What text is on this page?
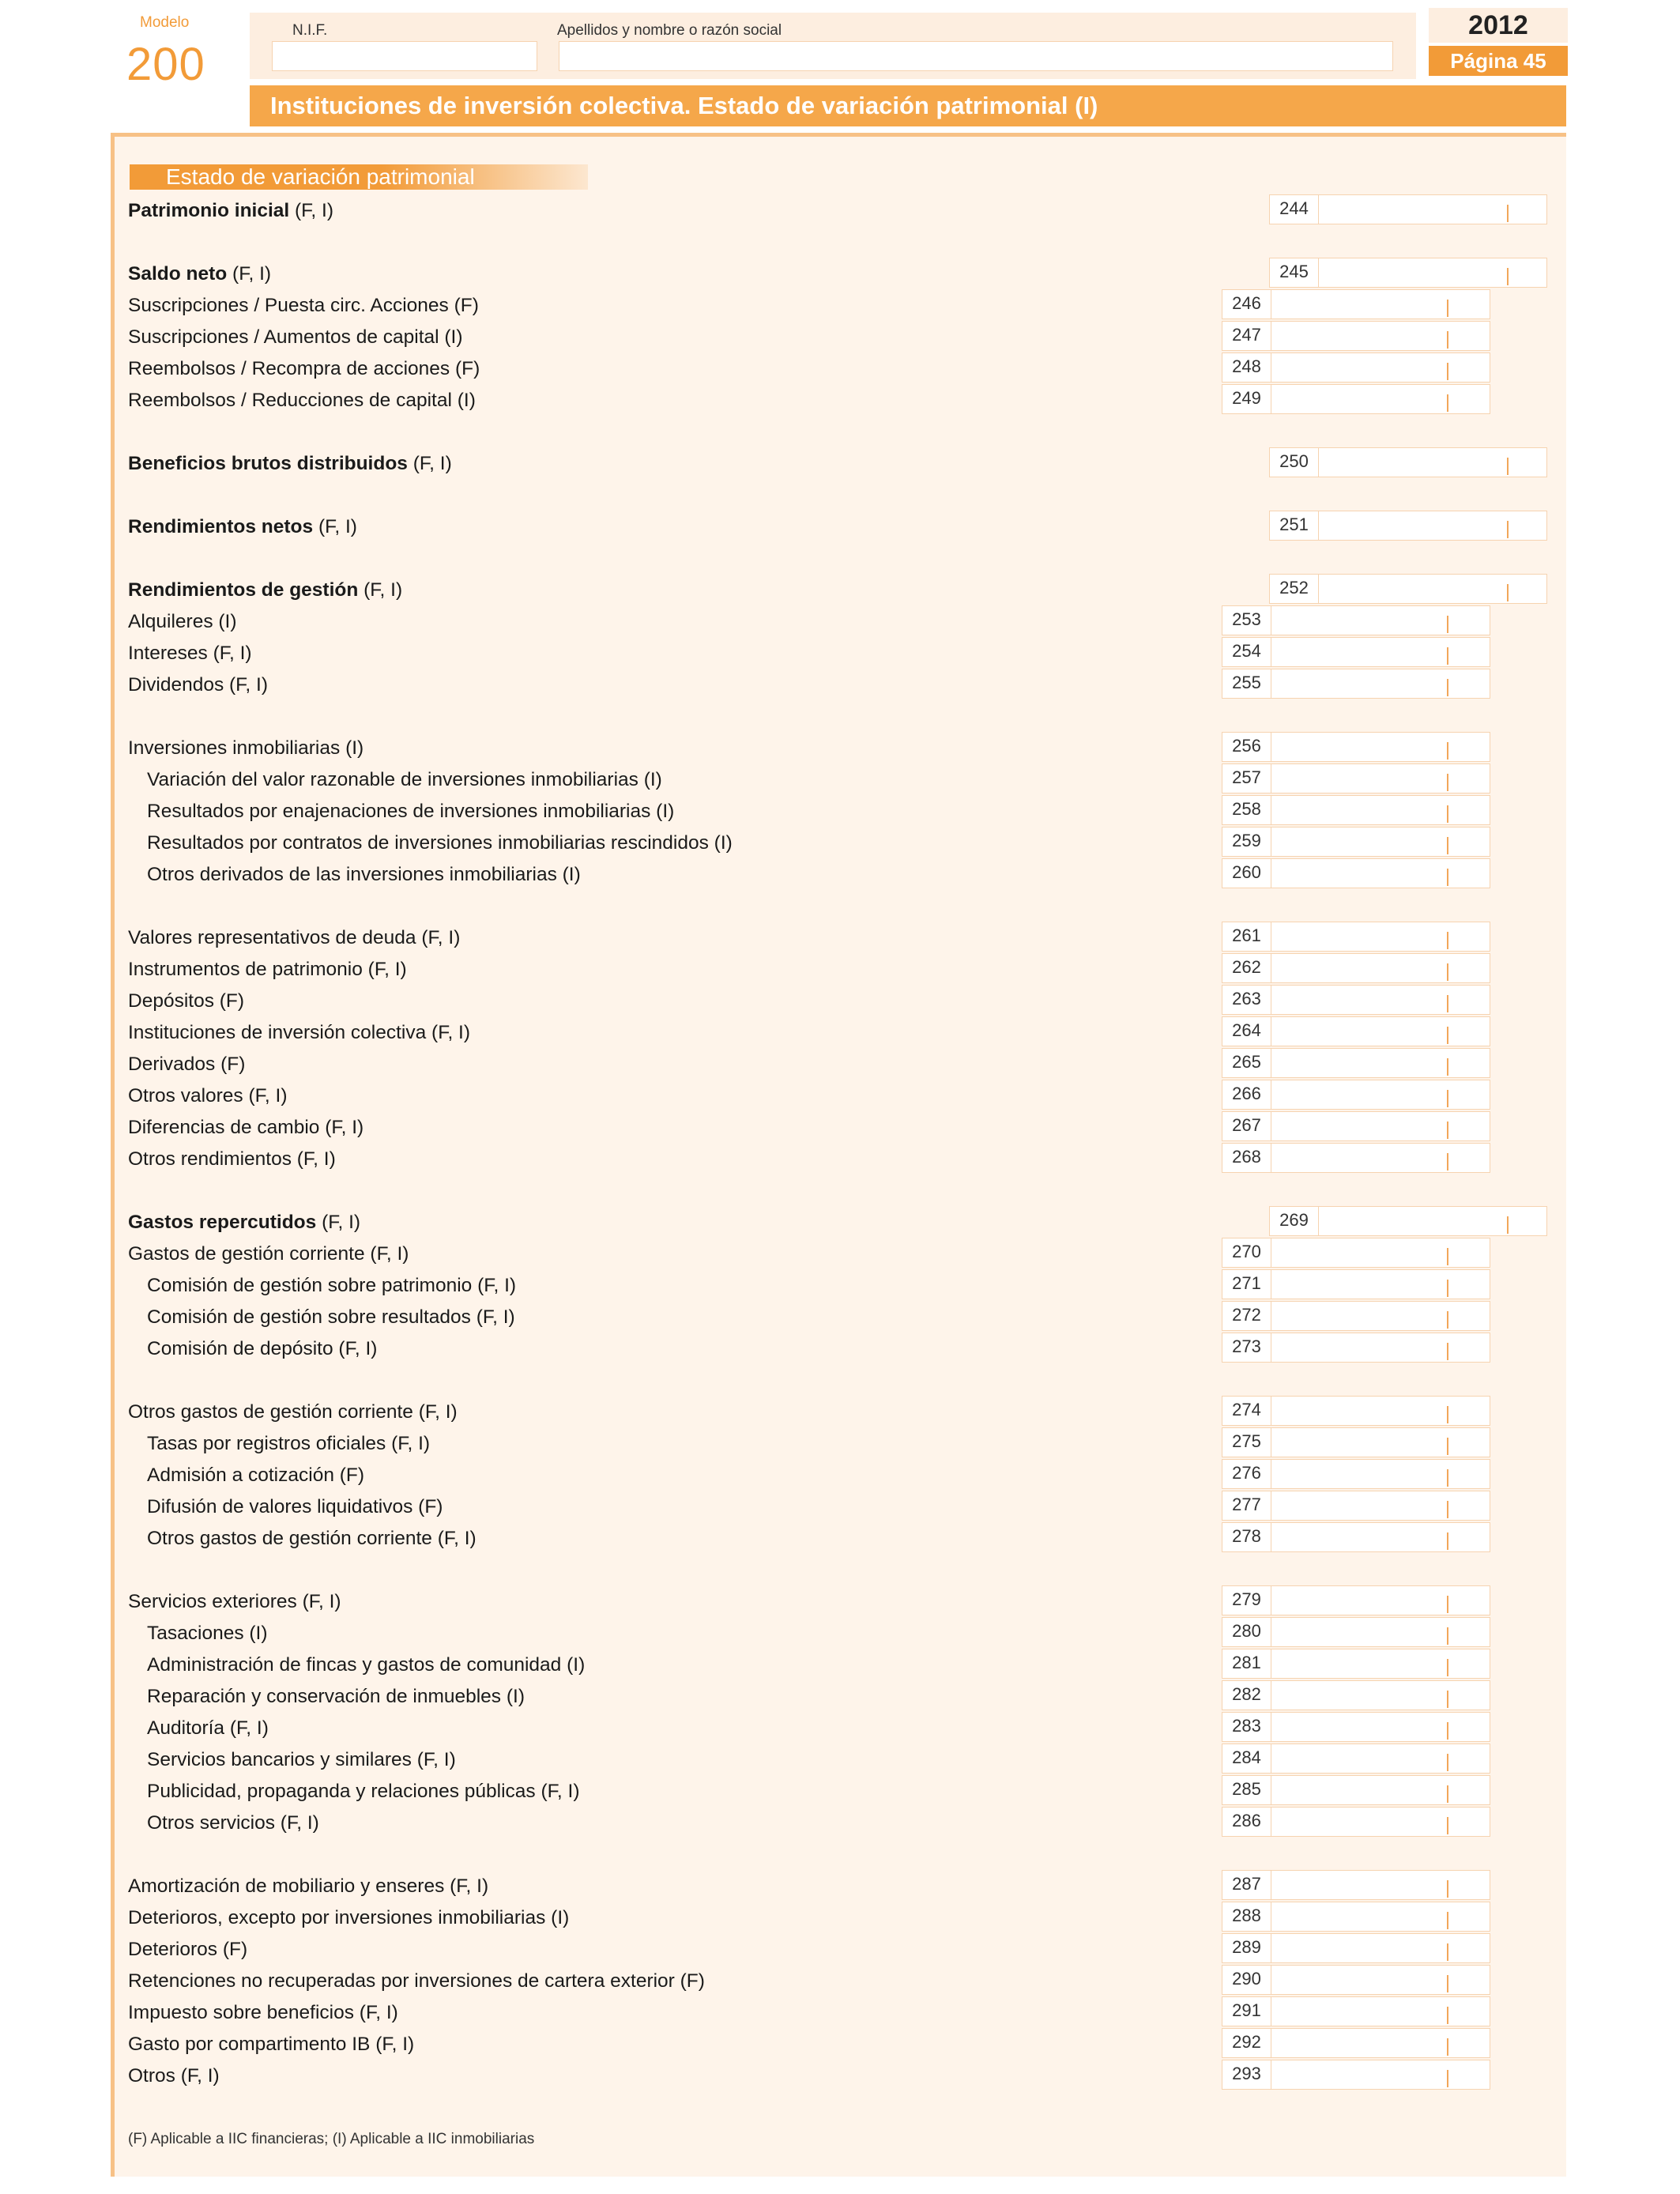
Modelo
200
N.I.F.	Apellidos y nombre o razón social	2012
Página 45
Instituciones de inversión colectiva. Estado de variación patrimonial (I)
Estado de variación patrimonial
Patrimonio inicial (F, I)	244
Saldo neto (F, I)	245
Suscripciones / Puesta circ. Acciones (F)	246
Suscripciones / Aumentos de capital (I)	247
Reembolsos / Recompra de acciones (F)	248
Reembolsos / Reducciones de capital (I)	249
Beneficios brutos distribuidos (F, I)	250
Rendimientos netos (F, I)	251
Rendimientos de gestión (F, I)	252
Alquileres (I)	253
Intereses (F, I)	254
Dividendos (F, I)	255
Inversiones inmobiliarias (I)	256
Variación del valor razonable de inversiones inmobiliarias (I)	257
Resultados por enajenaciones de inversiones inmobiliarias (I)	258
Resultados por contratos de inversiones inmobiliarias rescindidos (I)	259
Otros derivados de las inversiones inmobiliarias (I)	260
Valores representativos de deuda (F, I)	261
Instrumentos de patrimonio (F, I)	262
Depósitos (F)	263
Instituciones de inversión colectiva (F, I)	264
Derivados (F)	265
Otros valores (F, I)	266
Diferencias de cambio (F, I)	267
Otros rendimientos (F, I)	268
Gastos repercutidos (F, I)	269
Gastos de gestión corriente (F, I)	270
Comisión de gestión sobre patrimonio (F, I)	271
Comisión de gestión sobre resultados (F, I)	272
Comisión de depósito (F, I)	273
Otros gastos de gestión corriente (F, I)	274
Tasas por registros oficiales (F, I)	275
Admisión a cotización (F)	276
Difusión de valores liquidativos (F)	277
Otros gastos de gestión corriente (F, I)	278
Servicios exteriores (F, I)	279
Tasaciones (I)	280
Administración de fincas y gastos de comunidad (I)	281
Reparación y conservación de inmuebles (I)	282
Auditoría (F, I)	283
Servicios bancarios y similares (F, I)	284
Publicidad, propaganda y relaciones públicas (F, I)	285
Otros servicios (F, I)	286
Amortización de mobiliario y enseres (F, I)	287
Deterioros, excepto por inversiones inmobiliarias (I)	288
Deterioros (F)	289
Retenciones no recuperadas por inversiones de cartera exterior (F)	290
Impuesto sobre beneficios (F, I)	291
Gasto por compartimento IB (F, I)	292
Otros (F, I)	293
(F) Aplicable a IIC financieras; (I) Aplicable a IIC inmobiliarias
